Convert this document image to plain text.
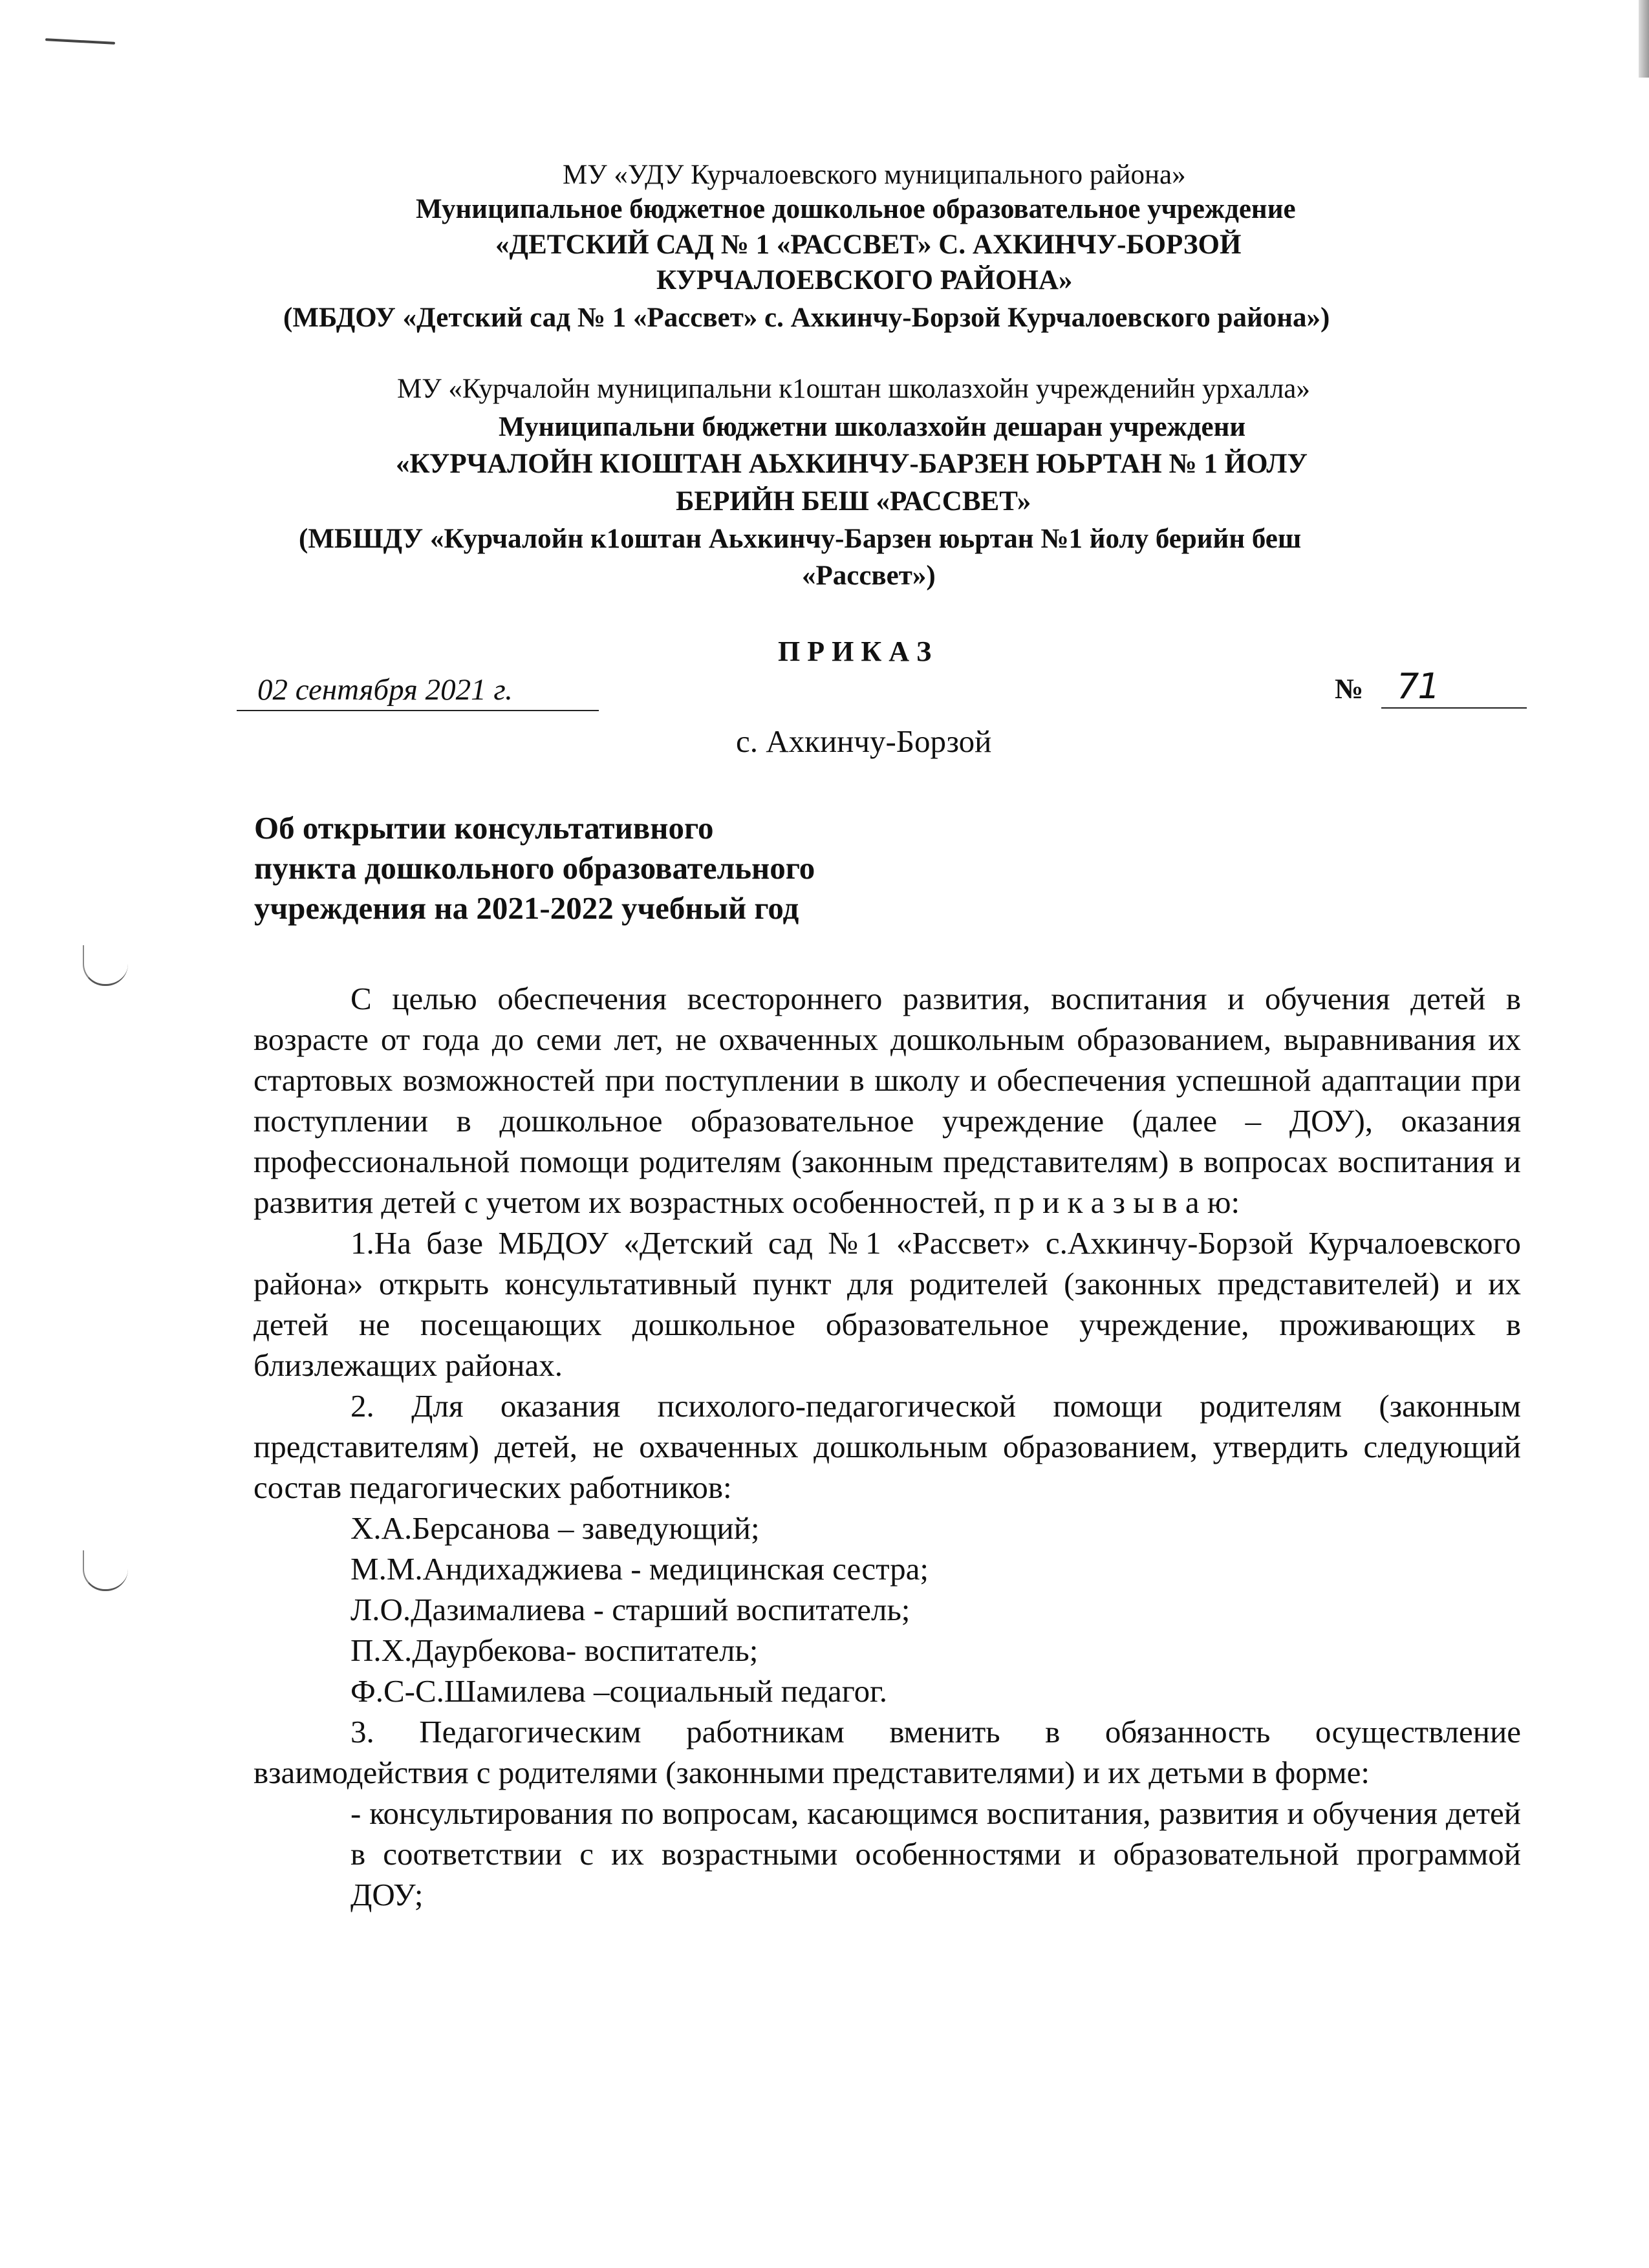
МУ «УДУ Курчалоевского муниципального района»
Муниципальное бюджетное дошкольное образовательное учреждение
«ДЕТСКИЙ САД № 1 «РАССВЕТ» С. АХКИНЧУ-БОРЗОЙ
КУРЧАЛОЕВСКОГО РАЙОНА»
(МБДОУ «Детский сад № 1 «Рассвет» с. Ахкинчу-Борзой Курчалоевского района»)
МУ «Курчалойн муниципальни к1оштан школазхойн учрежденийн урхалла»
Муниципальни бюджетни школазхойн дешаран учреждени
«КУРЧАЛОЙН КІОШТАН АЬХКИНЧУ-БАРЗЕН ЮЬРТАН № 1 ЙОЛУ
БЕРИЙН БЕШ «РАССВЕТ»
(МБШДУ «Курчалойн к1оштан Аьхкинчу-Барзен юьртан №1 йолу берийн беш
«Рассвет»)
П Р И К А З
02 сентября 2021 г.	№ 71
с. Ахкинчу-Борзой
Об открытии консультативного
пункта дошкольного образовательного
учреждения на 2021-2022 учебный год

С целью обеспечения всестороннего развития, воспитания и обучения детей в возрасте от года до семи лет, не охваченных дошкольным образованием, выравнивания их стартовых возможностей при поступлении в школу и обеспечения успешной адаптации при поступлении в дошкольное образовательное учреждение (далее – ДОУ), оказания профессиональной помощи родителям (законным представителям) в вопросах воспитания и развития детей с учетом их возрастных особенностей, п р и к а з ы в а ю:

1.На базе МБДОУ «Детский сад №1 «Рассвет» с.Ахкинчу-Борзой Курчалоевского района» открыть консультативный пункт для родителей (законных представителей) и их детей не посещающих дошкольное образовательное учреждение, проживающих в близлежащих районах.

2. Для оказания психолого-педагогической помощи родителям (законным представителям) детей, не охваченных дошкольным образованием, утвердить следующий состав педагогических работников:

Х.А.Берсанова – заведующий;
М.М.Андихаджиева - медицинская сестра;
Л.О.Дазималиева - старший воспитатель;
П.Х.Даурбекова- воспитатель;
Ф.С-С.Шамилева –социальный педагог.

3. Педагогическим работникам вменить в обязанность осуществление взаимодействия с родителями (законными представителями) и их детьми в форме:

- консультирования по вопросам, касающимся воспитания, развития и обучения детей в соответствии с их возрастными особенностями и образовательной программой ДОУ;
